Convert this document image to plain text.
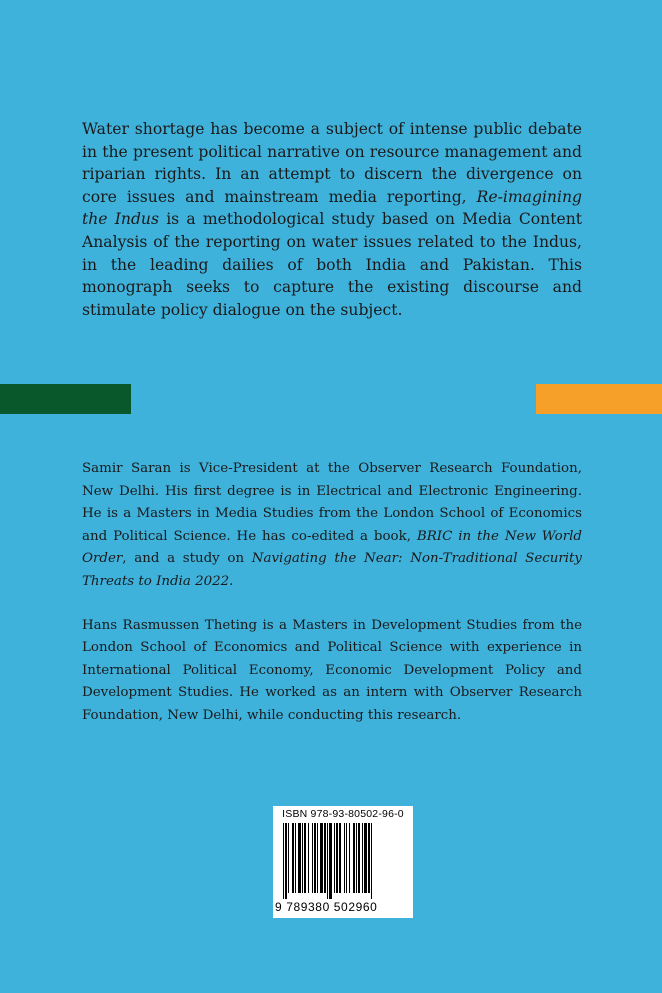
Water shortage has become a subject of intense public debate in the present political narrative on resource management and riparian rights. In an attempt to discern the divergence on core issues and mainstream media reporting, Re-imagining the Indus is a methodological study based on Media Content Analysis of the reporting on water issues related to the Indus, in the leading dailies of both India and Pakistan. This monograph seeks to capture the existing discourse and stimulate policy dialogue on the subject.

Samir Saran is Vice-President at the Observer Research Foundation, New Delhi. His first degree is in Electrical and Electronic Engineering. He is a Masters in Media Studies from the London School of Economics and Political Science. He has co-edited a book, BRIC in the New World Order, and a study on Navigating the Near: Non-Traditional Security Threats to India 2022.

Hans Rasmussen Theting is a Masters in Development Studies from the London School of Economics and Political Science with experience in International Political Economy, Economic Development Policy and Development Studies. He worked as an intern with Observer Research Foundation, New Delhi, while conducting this research.

ISBN 978-93-80502-96-0
9 789380 502960
